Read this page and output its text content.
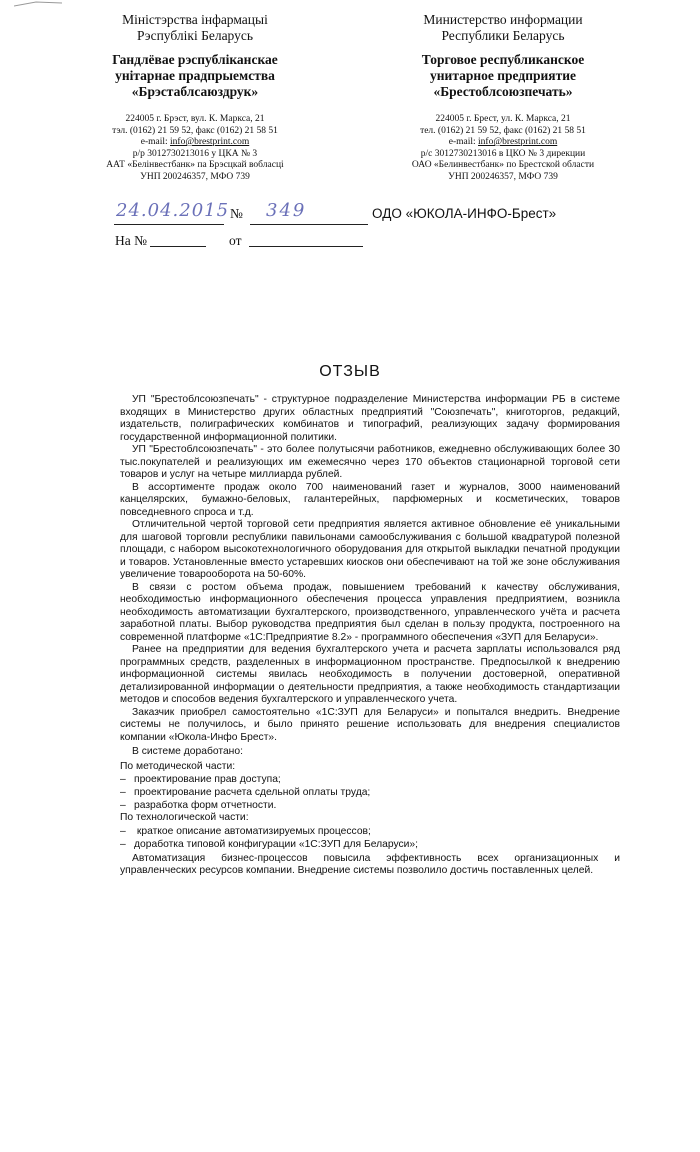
Міністэрства інфармацыі
Рэспублікі Беларусь
Гандлёвае рэспубліканскае
унітарнае прадпрыемства
«Брэстаблсаюздрук»
224005 г. Брэст, вул. К. Маркса, 21
тэл. (0162) 21 59 52, факс (0162) 21 58 51
e-mail: info@brestprint.com
р/р 3012730213016 у ЦКА № 3
ААТ «Белінвестбанк» па Брэсцкай вобласці
УНП 200246357, МФО 739
Министерство информации
Республики Беларусь
Торговое республиканское
унитарное предприятие
«Брестоблсоюзпечать»
224005 г. Брест, ул. К. Маркса, 21
тел. (0162) 21 59 52, факс (0162) 21 58 51
e-mail: info@brestprint.com
р/с 3012730213016 в ЦКО № 3 дирекции
ОАО «Белинвестбанк» по Брестской области
УНП 200246357, МФО 739
24.04.2015 № 349	ОДО «ЮКОЛА-ИНФО-Брест»
На №	от
ОТЗЫВ

УП "Брестоблсоюзпечать" - структурное подразделение Министерства информации РБ в системе входящих в Министерство других областных предприятий "Союзпечать", книготоргов, редакций, издательств, полиграфических комбинатов и типографий, реализующих задачу формирования государственной информационной политики.

УП "Брестоблсоюзпечать" - это более полутысячи работников, ежедневно обслуживающих более 30 тыс.покупателей и реализующих им ежемесячно через 170 объектов стационарной торговой сети товаров и услуг на четыре миллиарда рублей.

В ассортименте продаж около 700 наименований газет и журналов, 3000 наименований канцелярских, бумажно-беловых, галантерейных, парфюмерных и косметических, товаров повседневного спроса и т.д.

Отличительной чертой торговой сети предприятия является активное обновление её уникальными для шаговой торговли республики павильонами самообслуживания с большой квадратурой полезной площади, с набором высокотехнологичного оборудования для открытой выкладки печатной продукции и товаров. Установленные вместо устаревших киосков они обеспечивают на той же зоне обслуживания увеличение товарооборота на 50-60%.

В связи с ростом объема продаж, повышением требований к качеству обслуживания, необходимостью информационного обеспечения процесса управления предприятием, возникла необходимость автоматизации бухгалтерского, производственного, управленческого учёта и расчета заработной платы. Выбор руководства предприятия был сделан в пользу продукта, построенного на современной платформе «1С:Предприятие 8.2» - программного обеспечения «ЗУП для Беларуси».

Ранее на предприятии для ведения бухгалтерского учета и расчета зарплаты использовался ряд программных средств, разделенных в информационном пространстве. Предпосылкой к внедрению информационной системы явилась необходимость в получении достоверной, оперативной детализированной информации о деятельности предприятия, а также необходимость стандартизации методов и способов ведения бухгалтерского и управленческого учета.

Заказчик приобрел самостоятельно «1С:ЗУП для Беларуси» и попытался внедрить. Внедрение системы не получилось, и было принято решение использовать для внедрения специалистов компании «Юкола-Инфо Брест».

В системе доработано:

По методической части:
– проектирование прав доступа;
– проектирование расчета сдельной оплаты труда;
– разработка форм отчетности.
По технологической части:
– краткое описание автоматизируемых процессов;
– доработка типовой конфигурации «1С:ЗУП для Беларуси»;

Автоматизация бизнес-процессов повысила эффективность всех организационных и управленческих ресурсов компании. Внедрение системы позволило достичь поставленных целей.
